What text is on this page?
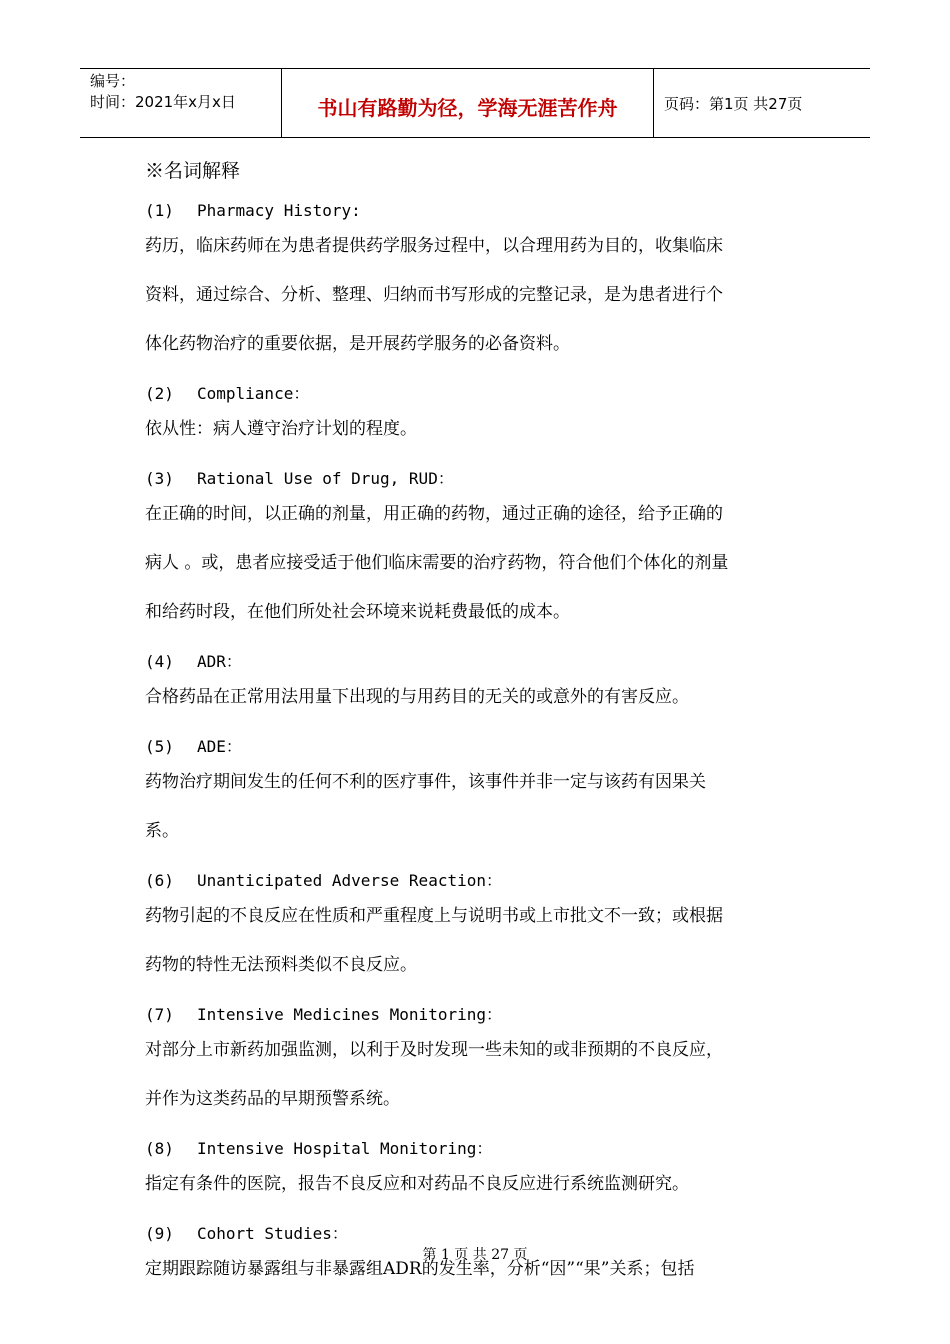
编号：
时间：2021年x月x日	书山有路勤为径，学海无涯苦作舟	页码：第1页 共27页
※名词解释
(1) Pharmacy History:
药历，临床药师在为患者提供药学服务过程中，以合理用药为目的，收集临床
资料，通过综合、分析、整理、归纳而书写形成的完整记录，是为患者进行个
体化药物治疗的重要依据，是开展药学服务的必备资料。
(2) Compliance：
依从性：病人遵守治疗计划的程度。
(3) Rational Use of Drug, RUD：
在正确的时间，以正确的剂量，用正确的药物，通过正确的途径，给予正确的
病人 。或，患者应接受适于他们临床需要的治疗药物，符合他们个体化的剂量
和给药时段，在他们所处社会环境来说耗费最低的成本。
(4) ADR：
合格药品在正常用法用量下出现的与用药目的无关的或意外的有害反应。
(5) ADE：
药物治疗期间发生的任何不利的医疗事件，该事件并非一定与该药有因果关
系。
(6) Unanticipated Adverse Reaction：
药物引起的不良反应在性质和严重程度上与说明书或上市批文不一致；或根据
药物的特性无法预料类似不良反应。
(7) Intensive Medicines Monitoring：
对部分上市新药加强监测，以利于及时发现一些未知的或非预期的不良反应，
并作为这类药品的早期预警系统。
(8) Intensive Hospital Monitoring：
指定有条件的医院，报告不良反应和对药品不良反应进行系统监测研究。
(9) Cohort Studies：
定期跟踪随访暴露组与非暴露组ADR的发生率，分析“因”“果”关系；包括
第 1 页 共 27 页
